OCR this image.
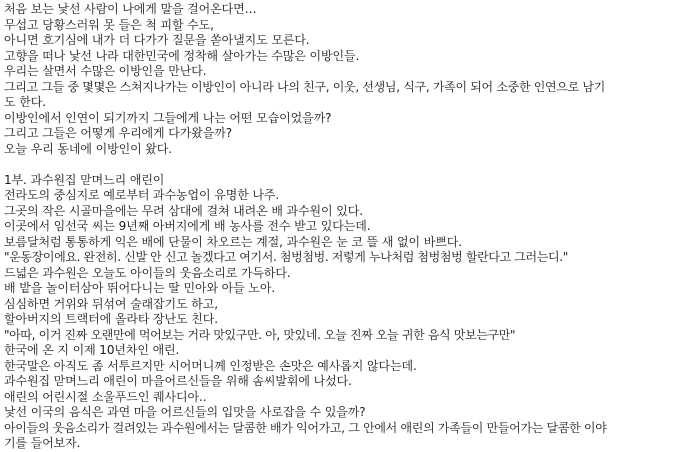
처음 보는 낯선 사람이 나에게 말을 걸어온다면…
무섭고 당황스러워 못 들은 척 피할 수도,
아니면 호기심에 내가 더 다가가 질문을 쏟아낼지도 모른다.
고향을 떠나 낯선 나라 대한민국에 정착해 살아가는 수많은 이방인들.
우리는 살면서 수많은 이방인을 만난다.
그리고 그들 중 몇몇은 스쳐지나가는 이방인이 아니라 나의 친구, 이웃, 선생님, 식구, 가족이 되어 소중한 인연으로 남기
도 한다.
이방인에서 인연이 되기까지 그들에게 나는 어떤 모습이었을까?
그리고 그들은 어떻게 우리에게 다가왔을까?
오늘 우리 동네에 이방인이 왔다.
1부. 과수원집 맏며느리 애린이
전라도의 중심지로 예로부터 과수농업이 유명한 나주.
그곳의 작은 시골마을에는 무려 삼대에 걸쳐 내려온 배 과수원이 있다.
이곳에서 임선국 씨는 9년째 아버지에게 배 농사를 전수 받고 있다는데.
보름달처럼 통통하게 익은 배에 단물이 차오르는 계절, 과수원은 눈 코 뜰 새 없이 바쁘다.
"운동장이에요. 완전히. 신발 안 신고 놀겠다고 여기서. 첨벙첨벙. 저렇게 누나처럼 첨벙첨벙 할란다고 그러는디."
드넓은 과수원은 오늘도 아이들의 웃음소리로 가득하다.
배 밭을 놀이터삼아 뛰어다니는 딸 민아와 아들 노아.
심심하면 거위와 뒤섞여 술래잡기도 하고,
할아버지의 트랙터에 올라타 장난도 친다.
"아따, 이거 진짜 오랜만에 먹어보는 거라 맛있구만. 아, 맛있네. 오늘 진짜 오늘 귀한 음식 맛보는구만"
한국에 온 지 이제 10년차인 애린.
한국말은 아직도 좀 서투르지만 시어머니께 인정받은 손맛은 예사롭지 않다는데.
과수원집 맏며느리 애린이 마을어르신들을 위해 솜씨발휘에 나섰다.
애린의 어린시절 소울푸드인 퀘사디아..
낯선 이국의 음식은 과연 마을 어르신들의 입맛을 사로잡을 수 있을까?
아이들의 웃음소리가 걸려있는 과수원에서는 달콤한 배가 익어가고, 그 안에서 애린의 가족들이 만들어가는 달콤한 이야
기를 들어보자.
